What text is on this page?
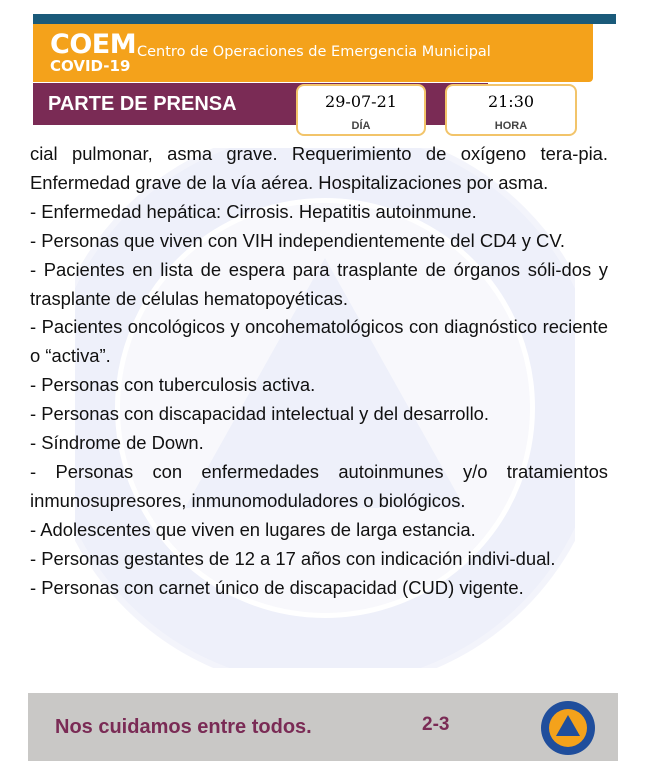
COEM
COVID-19
Centro de Operaciones de Emergencia Municipal
PARTE DE PRENSA	29-07-21
DÍA
21:30
HORA

cial pulmonar, asma grave. Requerimiento de oxígeno tera-pia. Enfermedad grave de la vía aérea. Hospitalizaciones por asma.

- Enfermedad hepática: Cirrosis. Hepatitis autoinmune.

- Personas que viven con VIH independientemente del CD4 y CV.

- Pacientes en lista de espera para trasplante de órganos sóli-dos y trasplante de células hematopoyéticas.

- Pacientes oncológicos y oncohematológicos con diagnóstico reciente o “activa”.

- Personas con tuberculosis activa.

- Personas con discapacidad intelectual y del desarrollo.

- Síndrome de Down.

- Personas con enfermedades autoinmunes y/o tratamientos inmunosupresores, inmunomoduladores o biológicos.

- Adolescentes que viven en lugares de larga estancia.

- Personas gestantes de 12 a 17 años con indicación indivi-dual.

- Personas con carnet único de discapacidad (CUD) vigente.

Nos cuidamos entre todos.	2-3
